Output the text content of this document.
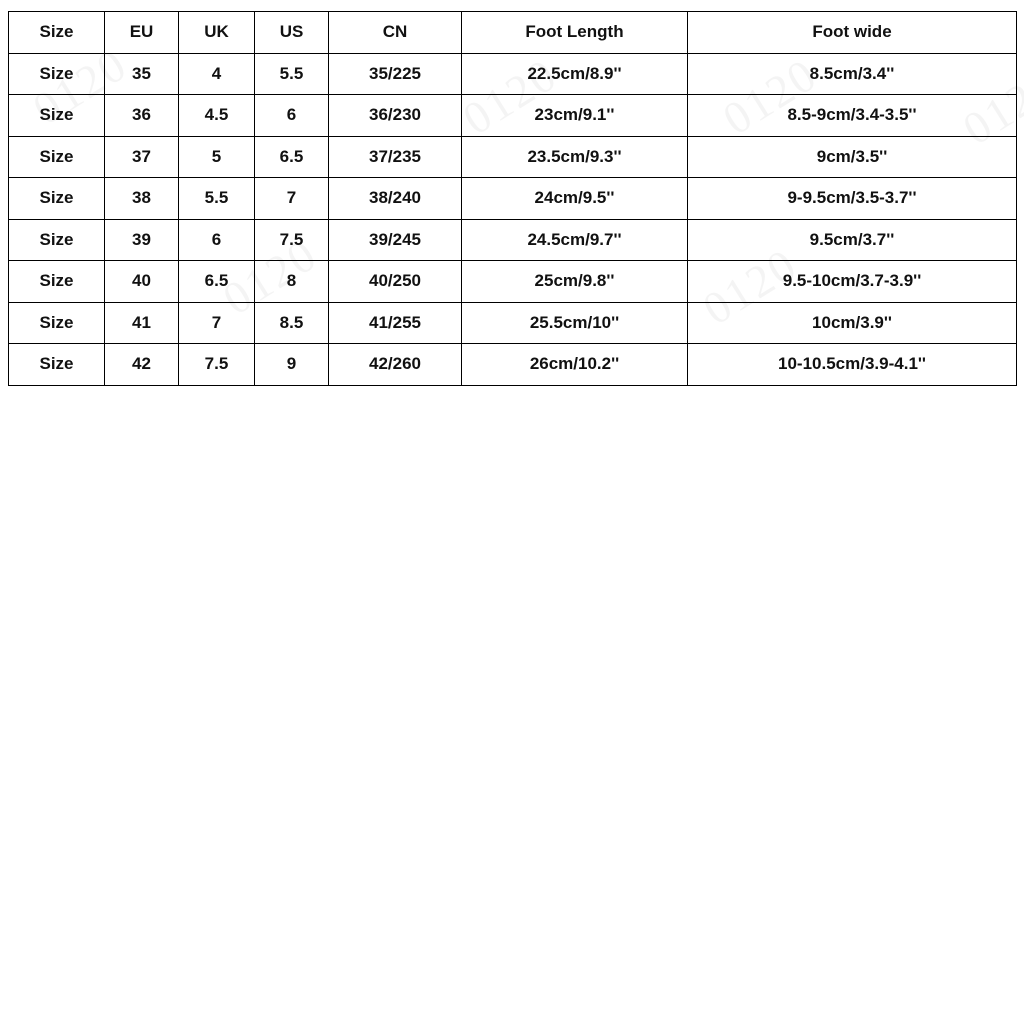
Size	EU	UK	US	CN	Foot Length	Foot wide
Size	35	4	5.5	35/225	22.5cm/8.9''	8.5cm/3.4''
Size	36	4.5	6	36/230	23cm/9.1''	8.5-9cm/3.4-3.5''
Size	37	5	6.5	37/235	23.5cm/9.3''	9cm/3.5''
Size	38	5.5	7	38/240	24cm/9.5''	9-9.5cm/3.5-3.7''
Size	39	6	7.5	39/245	24.5cm/9.7''	9.5cm/3.7''
Size	40	6.5	8	40/250	25cm/9.8''	9.5-10cm/3.7-3.9''
Size	41	7	8.5	41/255	25.5cm/10''	10cm/3.9''
Size	42	7.5	9	42/260	26cm/10.2''	10-10.5cm/3.9-4.1''
